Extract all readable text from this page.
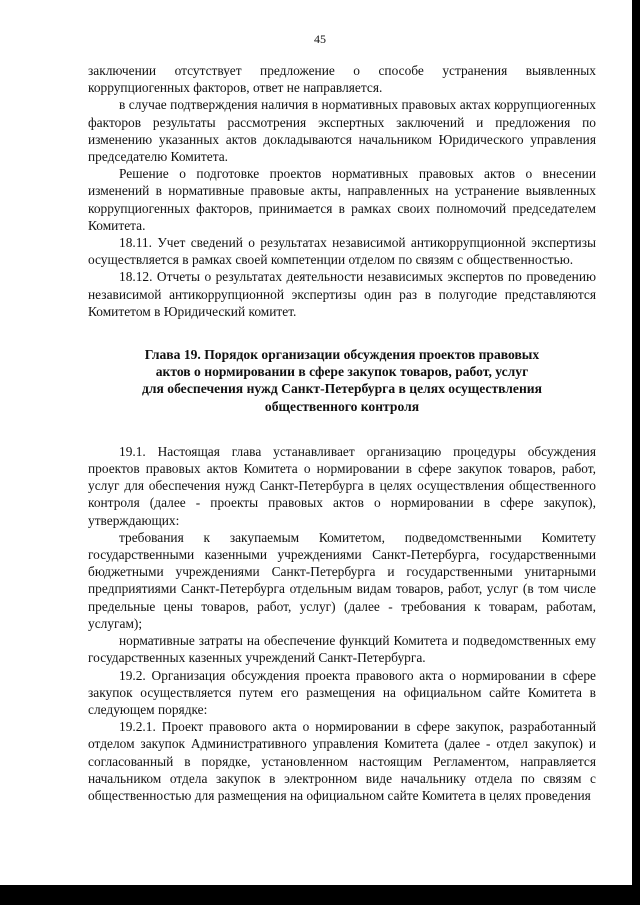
45

заключении отсутствует предложение о способе устранения выявленных коррупциогенных факторов, ответ не направляется.

в случае подтверждения наличия в нормативных правовых актах коррупциогенных факторов результаты рассмотрения экспертных заключений и предложения по изменению указанных актов докладываются начальником Юридического управления председателю Комитета.

Решение о подготовке проектов нормативных правовых актов о внесении изменений в нормативные правовые акты, направленных на устранение выявленных коррупциогенных факторов, принимается в рамках своих полномочий председателем Комитета.

18.11. Учет сведений о результатах независимой антикоррупционной экспертизы осуществляется в рамках своей компетенции отделом по связям с общественностью.

18.12. Отчеты о результатах деятельности независимых экспертов по проведению независимой антикоррупционной экспертизы один раз в полугодие представляются Комитетом в Юридический комитет.

Глава 19. Порядок организации обсуждения проектов правовых
актов о нормировании в сфере закупок товаров, работ, услуг
для обеспечения нужд Санкт-Петербурга в целях осуществления
общественного контроля

19.1. Настоящая глава устанавливает организацию процедуры обсуждения проектов правовых актов Комитета о нормировании в сфере закупок товаров, работ, услуг для обеспечения нужд Санкт-Петербурга в целях осуществления общественного контроля (далее - проекты правовых актов о нормировании в сфере закупок), утверждающих:

требования к закупаемым Комитетом, подведомственными Комитету государственными казенными учреждениями Санкт-Петербурга, государственными бюджетными учреждениями Санкт-Петербурга и государственными унитарными предприятиями Санкт-Петербурга отдельным видам товаров, работ, услуг (в том числе предельные цены товаров, работ, услуг) (далее - требования к товарам, работам, услугам);

нормативные затраты на обеспечение функций Комитета и подведомственных ему государственных казенных учреждений Санкт-Петербурга.

19.2. Организация обсуждения проекта правового акта о нормировании в сфере закупок осуществляется путем его размещения на официальном сайте Комитета в следующем порядке:

19.2.1. Проект правового акта о нормировании в сфере закупок, разработанный отделом закупок Административного управления Комитета (далее - отдел закупок) и согласованный в порядке, установленном настоящим Регламентом, направляется начальником отдела закупок в электронном виде начальнику отдела по связям с общественностью для размещения на официальном сайте Комитета в целях проведения
